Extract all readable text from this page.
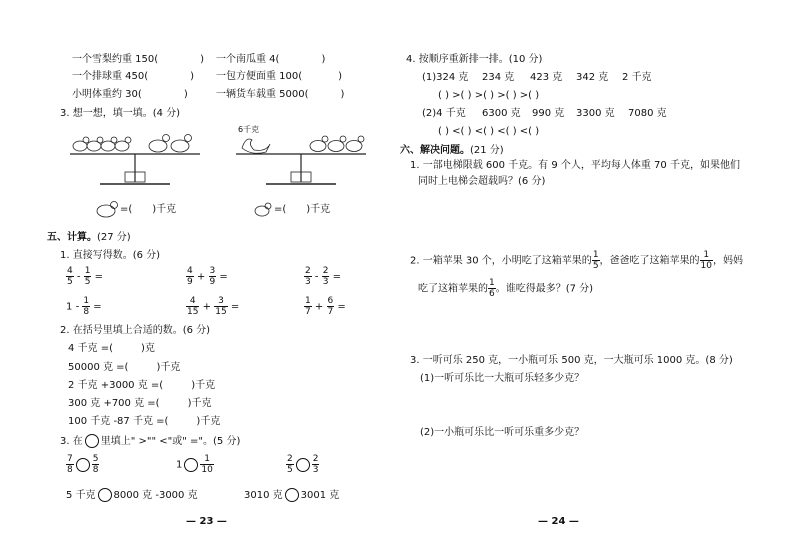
一个雪梨约重 150(	) 一个南瓜重 4(	)
一个排球重 450(	) 一包方便面重 100(	)
小明体重约 30(	)	一辆货车载重 5000(	)
3. 想一想，填一填。(4 分)
6千克
=( )千克	=( )千克
五、计算。(27 分)
1. 直接写得数。(6 分)
$\frac{4}{5} - \frac{1}{5}$ =	$\frac{4}{9} + \frac{3}{9}$ =	$\frac{2}{3} - \frac{2}{3}$ =
$1 - \frac{1}{8}$ =	$\frac{4}{15} + \frac{3}{15}$ =	$\frac{1}{7} + \frac{6}{7}$ =
2. 在括号里填上合适的数。(6 分)
4 千克 =(	)克
50000 克 =(	)千克
2 千克 +3000 克 =(	)千克
300 克 +700 克 =(	)千克
100 千克 -87 千克 =(	)千克
3. 在 里填上" >"" <"或" ="。(5 分)
$\frac{7}{8} \frac{5}{8}$	$1 \frac{1}{10}$	$\frac{2}{5} \frac{2}{3}$
5 千克 8000 克 -3000 克	3010 克 3001 克
— 23 —
4. 按顺序重新排一排。(10 分)
(1)324 克 234 克 423 克 342 克 2 千克
( ) >( ) >( ) >( ) >( )
(2)4 千克 6300 克 990 克 3300 克 7080 克
( ) <( ) <( ) <( ) <( )
六、解决问题。(21 分)
1. 一部电梯限载 600 千克。有 9 个人，平均每人体重 70 千克，如果他们
同时上电梯会超载吗？(6 分)
2. 一箱苹果 30 个，小明吃了这箱苹果的 $\frac{1}{5}$ ，爸爸吃了这箱苹果的 $\frac{1}{10}$ ，妈妈
吃了这箱苹果的 $\frac{1}{6}$ 。谁吃得最多？(7 分)
3. 一听可乐 250 克，一小瓶可乐 500 克，一大瓶可乐 1000 克。(8 分)
(1)一听可乐比一大瓶可乐轻多少克？
(2)一小瓶可乐比一听可乐重多少克？
— 24 —
